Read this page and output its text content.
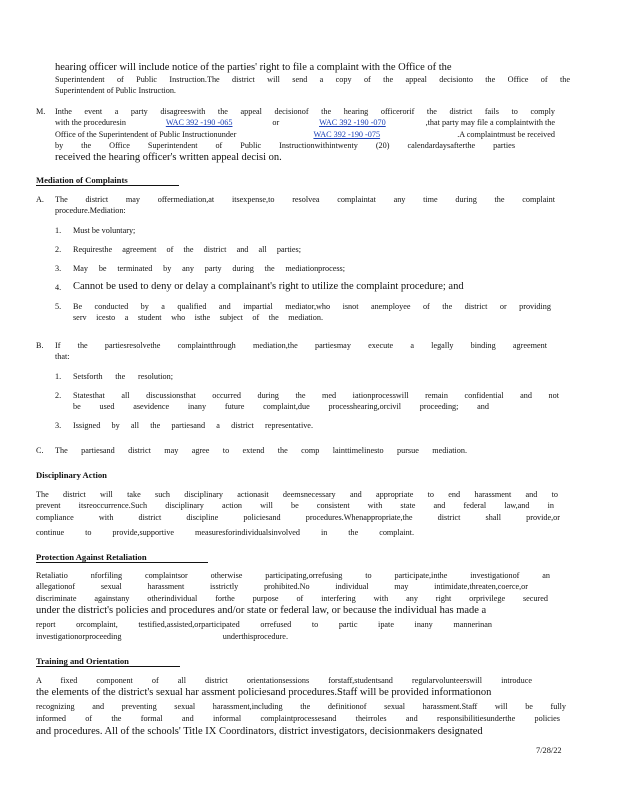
hearing officer will include notice of the parties' right to file a complaint with the Office of the
Superintendent of Public Instruction.The district will send a copy of the appeal decisionto the Office of the
Superintendent of Public Instruction.
M. Inthe event a party disagreeswith the appeal decisionof the hearing officerorif the district fails to comply
with the proceduresin	WAC 392 -190 -065	or	WAC 392 -190 -070	,that party may file a complaintwith the
Office of the Superintendent of Public Instructionunder	WAC 392 -190 -075	.A complaintmust be received
by the Office Superintendent of Public Instructionwithintwenty (20) calendardaysafterthe parties
received the hearing officer's written appeal decisi on.
Mediation of Complaints
A. The district may offermediation,at itsexpense,to resolvea complaintat any time during the complaint
procedure.Mediation:
1. Must be voluntary;
2. Requiresthe agreement of the district and all parties;
3. May be terminated by any party during the mediationprocess;
4. Cannot be used to deny or delay a complainant's right to utilize the complaint procedure; and
5. Be conducted by a qualified and impartial mediator,who isnot anemployee of the district or providing
serv icesto a student who isthe subject of the mediation.
B. If the partiesresolvethe complaintthrough mediation,the partiesmay execute a legally binding agreement
that:
1. Setsforth the resolution;
2. Statesthat all discussionsthat occurred during the med iationprocesswill remain confidential and not
be used asevidence inany future complaint,due processhearing,orcivil proceeding; and
3. Issigned by all the partiesand a district representative.
C. The partiesand district may agree to extend the comp lainttimelinesto pursue mediation.
Disciplinary Action
The district will take such disciplinary actionasit deemsnecessary and appropriate to end harassment and to
prevent itsreoccurrence.Such disciplinary action will be consistent with state and federal law,and in
compliance with district discipline policiesand procedures.Whenappropriate,the district shall provide,or
continue to provide,supportive measuresforindividualsinvolved in the complaint.
Protection Against Retaliation
Retaliatio nforfiling complaintsor otherwise participating,orrefusing to participate,inthe investigationof an
allegationof sexual harassment isstrictly prohibited.No individual may intimidate,threaten,coerce,or
discriminate againstany otherindividual forthe purpose of interfering with any right orprivilege secured
under the district's policies and procedures and/or state or federal law, or because the individual has made a
report orcomplaint, testified,assisted,orparticipated orrefused to partic ipate inany mannerinan
investigationorproceeding underthisprocedure.
Training and Orientation
A fixed component of all district orientationsessions forstaff,studentsand regularvolunteerswill introduce
the elements of the district's sexual har assment policiesand procedures.Staff will be provided informationon
recognizing and preventing sexual harassment,including the definitionof sexual harassment.Staff will be fully
informed of the formal and informal complaintprocessesand theirroles and responsibilitiesunderthe policies
and procedures. All of the schools' Title IX Coordinators, district investigators, decisionmakers designated
7/28/22
